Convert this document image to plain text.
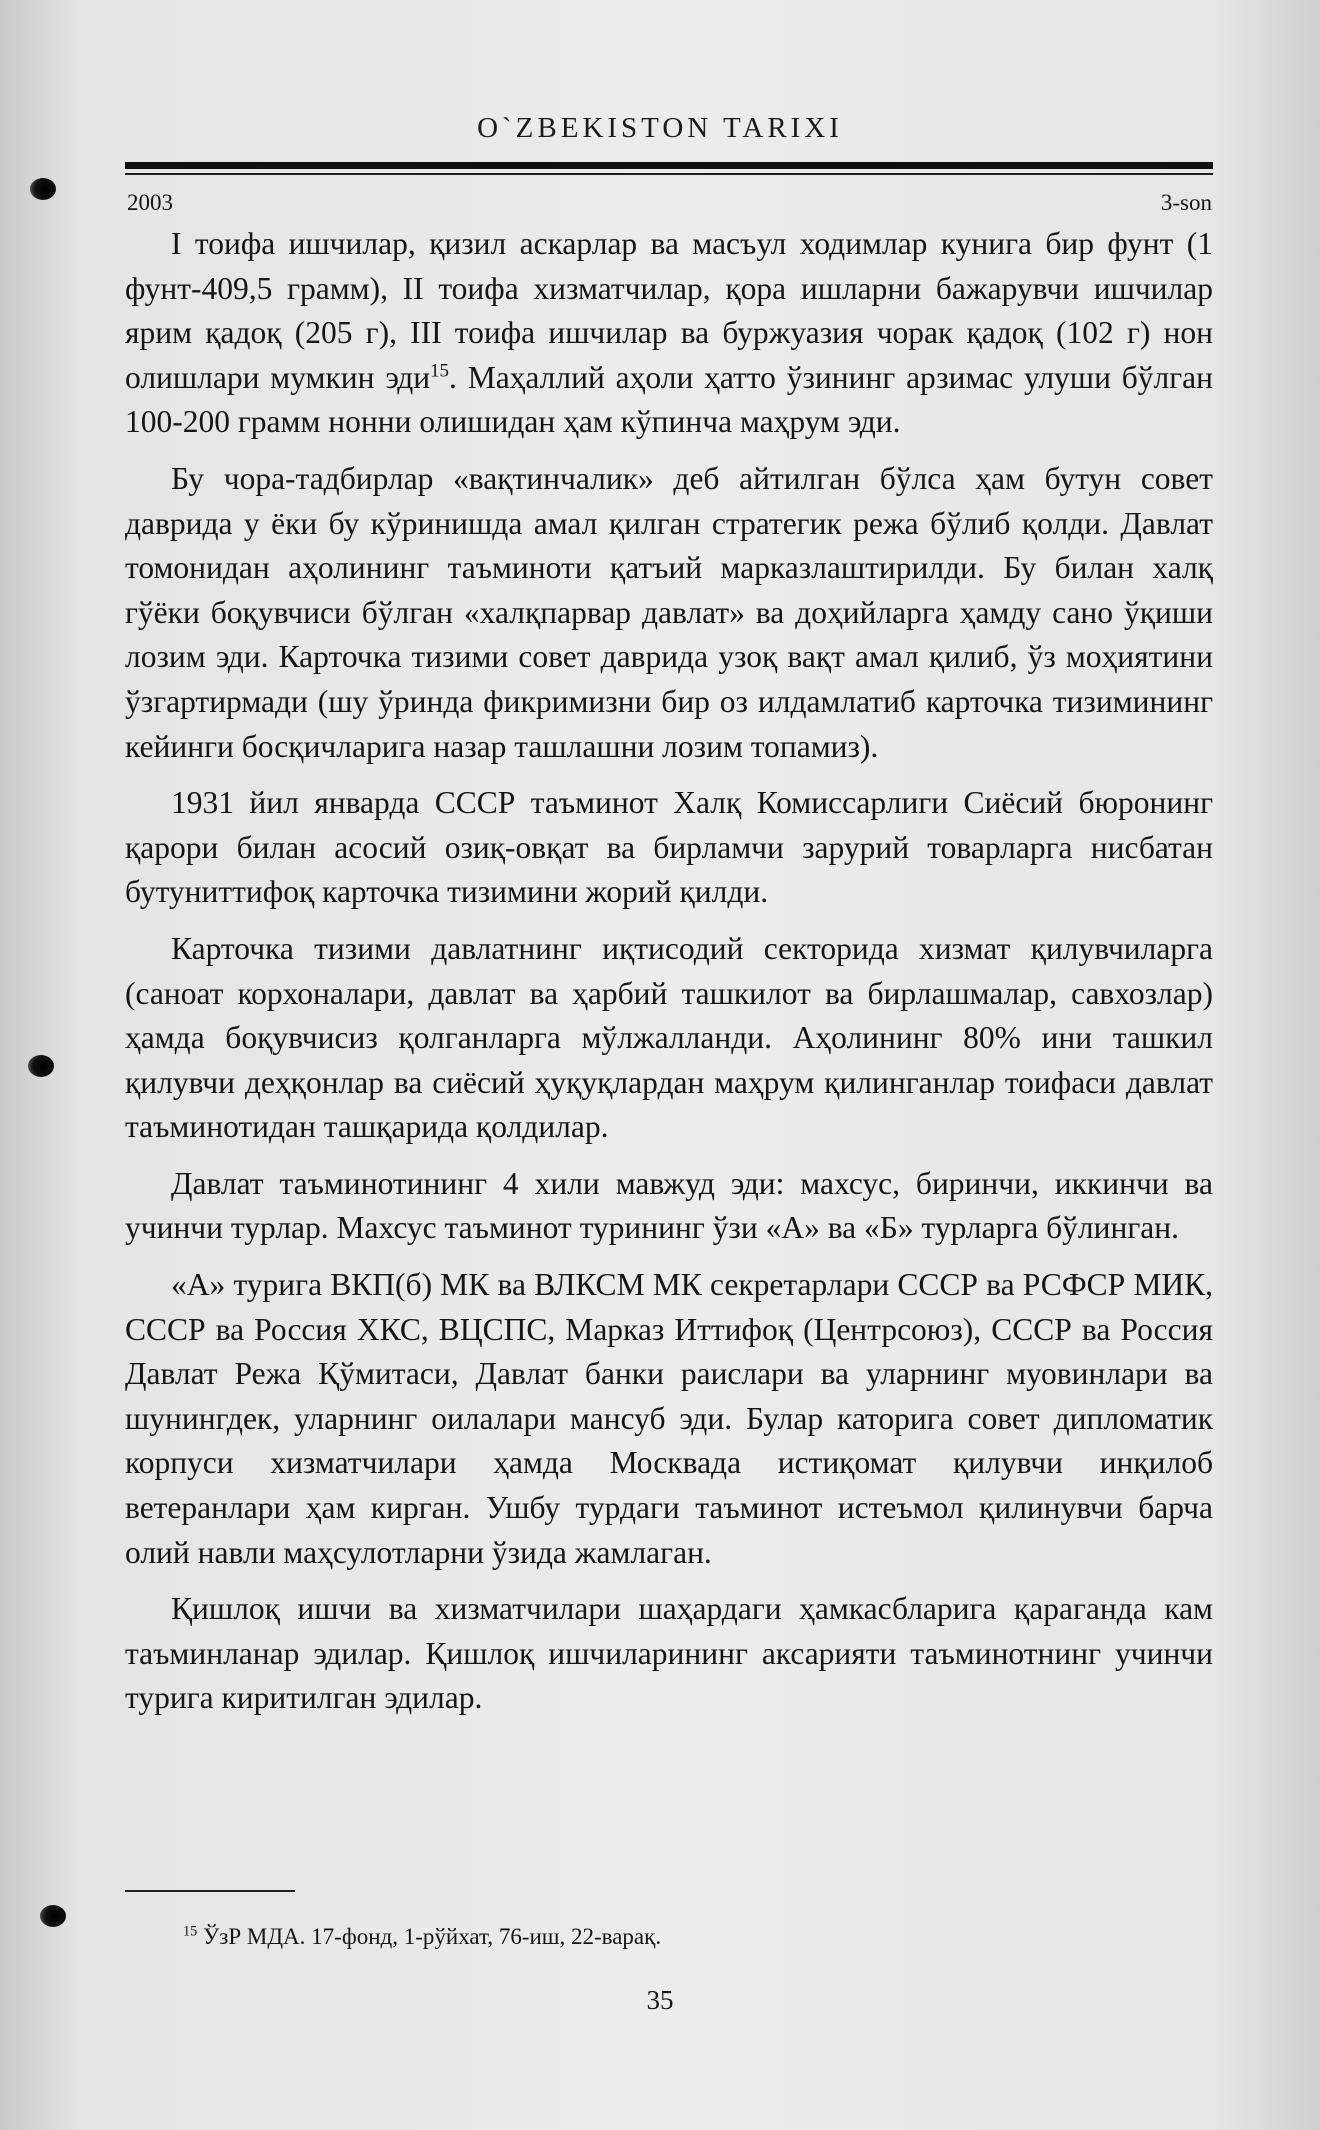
O`ZBEKISTON TARIXI
2003	3-son

I тоифа ишчилар, қизил аскарлар ва масъул ходимлар кунига бир фунт (1 фунт-409,5 грамм), II тоифа хизматчилар, қора ишларни бажарувчи ишчилар ярим қадоқ (205 г), III тоифа ишчилар ва буржуазия чорак қадоқ (102 г) нон олишлари мумкин эди$^{15}$. Маҳаллий аҳоли ҳатто ўзининг арзимас улуши бўлган 100-200 грамм нонни олишидан ҳам кўпинча маҳрум эди.

Бу чора-тадбирлар «вақтинчалик» деб айтилган бўлса ҳам бутун совет даврида у ёки бу кўринишда амал қилган стратегик режа бўлиб қолди. Давлат томонидан аҳолининг таъминоти қатъий марказлаштирилди. Бу билан халқ гўёки боқувчиси бўлган «халқпарвар давлат» ва доҳийларга ҳамду сано ўқиши лозим эди. Карточка тизими совет даврида узоқ вақт амал қилиб, ўз моҳиятини ўзгартирмади (шу ўринда фикримизни бир оз илдамлатиб карточка тизимининг кейинги босқичларига назар ташлашни лозим топамиз).

1931 йил январда СССР таъминот Халқ Комиссарлиги Сиёсий бюронинг қарори билан асосий озиқ-овқат ва бирламчи зарурий товарларга нисбатан бутуниттифоқ карточка тизимини жорий қилди.

Карточка тизими давлатнинг иқтисодий секторида хизмат қилувчиларга (саноат корхоналари, давлат ва ҳарбий ташкилот ва бирлашмалар, савхозлар) ҳамда боқувчисиз қолганларга мўлжалланди. Аҳолининг 80% ини ташкил қилувчи деҳқонлар ва сиёсий ҳуқуқлардан маҳрум қилинганлар тоифаси давлат таъминотидан ташқарида қолдилар.

Давлат таъминотининг 4 хили мавжуд эди: махсус, биринчи, иккинчи ва учинчи турлар. Махсус таъминот турининг ўзи «А» ва «Б» турларга бўлинган.

«А» турига ВКП(б) МК ва ВЛКСМ МК секретарлари СССР ва РСФСР МИК, СССР ва Россия ХКС, ВЦСПС, Марказ Иттифоқ (Центрсоюз), СССР ва Россия Давлат Режа Қўмитаси, Давлат банки раислари ва уларнинг муовинлари ва шунингдек, уларнинг оилалари мансуб эди. Булар каторига совет дипломатик корпуси хизматчилари ҳамда Москвада истиқомат қилувчи инқилоб ветеранлари ҳам кирган. Ушбу турдаги таъминот истеъмол қилинувчи барча олий навли маҳсулотларни ўзида жамлаган.

Қишлоқ ишчи ва хизматчилари шаҳардаги ҳамкасбларига қараганда кам таъминланар эдилар. Қишлоқ ишчиларининг аксарияти таъминотнинг учинчи турига киритилган эдилар.

$^{15}$ ЎзР МДА. 17-фонд, 1-рўйхат, 76-иш, 22-варақ.
35
